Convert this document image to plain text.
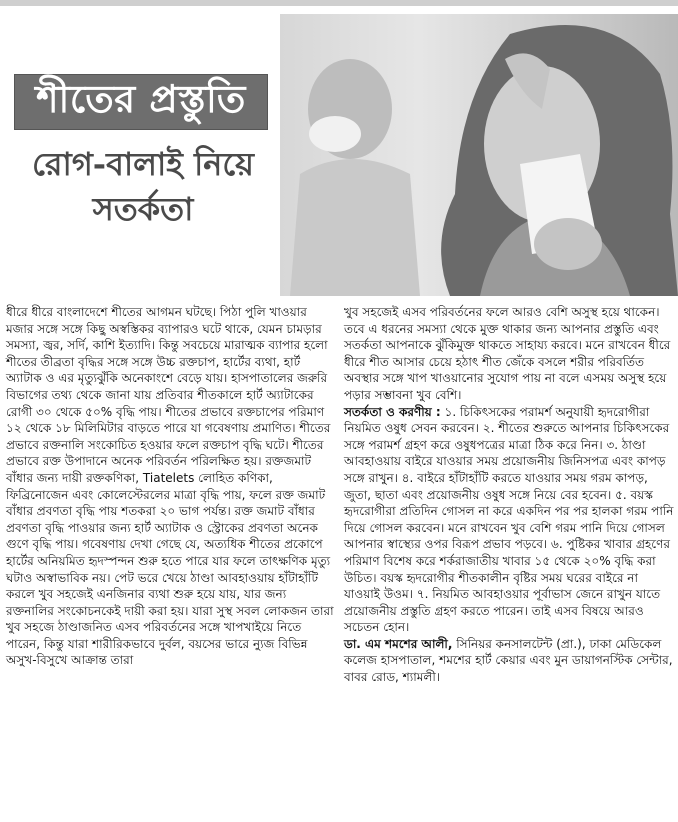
শীতের প্রস্তুতি
রোগ-বালাই নিয়ে
সতর্কতা

ধীরে ধীরে বাংলাদেশে শীতের আগমন ঘটছে। পিঠা পুলি খাওয়ার মজার সঙ্গে সঙ্গে কিছু অস্বস্তিকর ব্যাপারও ঘটে থাকে, যেমন চামড়ার সমস্যা, জ্বর, সর্দি, কাশি ইত্যাদি। কিন্তু সবচেয়ে মারাত্মক ব্যাপার হলো শীতের তীব্রতা বৃদ্ধির সঙ্গে সঙ্গে উচ্চ রক্তচাপ, হার্টের ব্যথা, হার্ট অ্যাটাক ও এর মৃত্যুঝুঁকি অনেকাংশে বেড়ে যায়। হাসপাতালের জরুরি বিভাগের তথ্য থেকে জানা যায় প্রতিবার শীতকালে হার্ট অ্যাটাকের রোগী ৩০ থেকে ৫০% বৃদ্ধি পায়। শীতের প্রভাবে রক্তচাপের পরিমাণ ১২ থেকে ১৮ মিলিমিটার বাড়তে পারে যা গবেষণায় প্রমাণিত। শীতের প্রভাবে রক্তনালি সংকোচিত হওয়ার ফলে রক্তচাপ বৃদ্ধি ঘটে। শীতের প্রভাবে রক্ত উপাদানে অনেক পরিবর্তন পরিলক্ষিত হয়। রক্তজমাট বাঁধার জন্য দায়ী রক্তকণিকা, Tiatelets লোহিত কণিকা, ফিব্রিনোজেন এবং কোলেস্টেরলের মাত্রা বৃদ্ধি পায়, ফলে রক্ত জমাট বাঁধার প্রবণতা বৃদ্ধি পায় শতকরা ২০ ভাগ পর্যন্ত। রক্ত জমাট বাঁধার প্রবণতা বৃদ্ধি পাওয়ার জন্য হার্ট অ্যাটাক ও স্ট্রোকের প্রবণতা অনেক গুণে বৃদ্ধি পায়। গবেষণায় দেখা গেছে যে, অত্যধিক শীতের প্রকোপে হার্টের অনিয়মিত হৃদস্পন্দন শুরু হতে পারে যার ফলে তাৎক্ষণিক মৃত্যু ঘটাও অস্বাভাবিক নয়। পেট ভরে খেয়ে ঠাণ্ডা আবহাওয়ায় হাঁটাহাঁটি করলে খুব সহজেই এনজিনার ব্যথা শুরু হয়ে যায়, যার জন্য রক্তনালির সংকোচনকেই দায়ী করা হয়। যারা সুস্থ সবল লোকজন তারা খুব সহজে ঠাণ্ডাজনিত এসব পরিবর্তনের সঙ্গে খাপখাইয়ে নিতে পারেন, কিন্তু যারা শারীরিকভাবে দুর্বল, বয়সের ভারে ন্যুজ বিভিন্ন অসুখ-বিসুখে আক্রান্ত তারা

খুব সহজেই এসব পরিবর্তনের ফলে আরও বেশি অসুস্থ হয়ে থাকেন। তবে এ ধরনের সমস্যা থেকে মুক্ত থাকার জন্য আপনার প্রস্তুতি এবং সতর্কতা আপনাকে ঝুঁকিমুক্ত থাকতে সাহায্য করবে। মনে রাখবেন ধীরে ধীরে শীত আসার চেয়ে হঠাৎ শীত জেঁকে বসলে শরীর পরিবর্তিত অবস্থার সঙ্গে খাপ খাওয়ানোর সুযোগ পায় না বলে এসময় অসুস্থ হয়ে পড়ার সম্ভাবনা খুব বেশি।

সতর্কতা ও করণীয় : ১. চিকিৎসকের পরামর্শ অনুযায়ী হৃদরোগীরা নিয়মিত ওষুধ সেবন করবেন। ২. শীতের শুরুতে আপনার চিকিৎসকের সঙ্গে পরামর্শ গ্রহণ করে ওষুধপত্রের মাত্রা ঠিক করে নিন। ৩. ঠাণ্ডা আবহাওয়ায় বাইরে যাওয়ার সময় প্রয়োজনীয় জিনিসপত্র এবং কাপড় সঙ্গে রাখুন। ৪. বাইরে হাঁটাহাঁটি করতে যাওয়ার সময় গরম কাপড়, জুতা, ছাতা এবং প্রয়োজনীয় ওষুধ সঙ্গে নিয়ে বের হবেন। ৫. বয়স্ক হৃদরোগীরা প্রতিদিন গোসল না করে একদিন পর পর হালকা গরম পানি দিয়ে গোসল করবেন। মনে রাখবেন খুব বেশি গরম পানি দিয়ে গোসল আপনার স্বাস্থ্যের ওপর বিরূপ প্রভাব পড়বে। ৬. পুষ্টিকর খাবার গ্রহণের পরিমাণ বিশেষ করে শর্করাজাতীয় খাবার ১৫ থেকে ২০% বৃদ্ধি করা উচিত। বয়স্ক হৃদরোগীর শীতকালীন বৃষ্টির সময় ঘরের বাইরে না যাওয়াই উওম। ৭. নিয়মিত আবহাওয়ার পূর্বাভাস জেনে রাখুন যাতে প্রয়োজনীয় প্রস্তুতি গ্রহণ করতে পারেন। তাই এসব বিষয়ে আরও সচেতন হোন।

ডা. এম শমশের আলী, সিনিয়র কনসালটেন্ট (প্রা.), ঢাকা মেডিকেল কলেজ হাসপাতাল, শমশের হার্ট কেয়ার এবং মুন ডায়াগনস্টিক সেন্টার, বাবর রোড, শ্যামলী।
